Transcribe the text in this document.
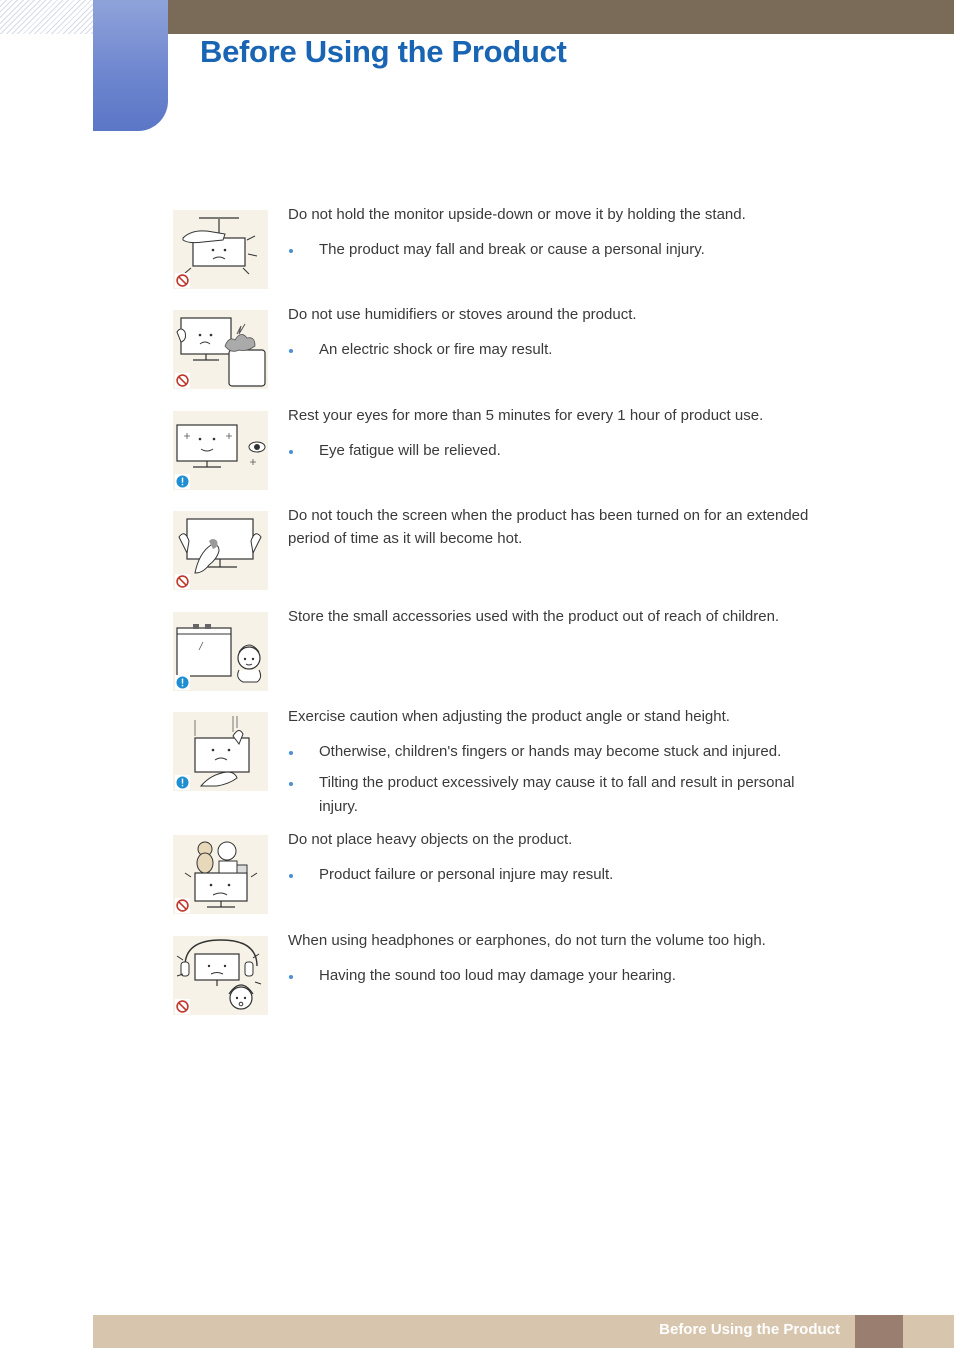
Before Using the Product

Do not hold the monitor upside-down or move it by holding the stand.

The product may fall and break or cause a personal injury.

Do not use humidifiers or stoves around the product.

An electric shock or fire may result.

Rest your eyes for more than 5 minutes for every 1 hour of product use.

Eye fatigue will be relieved.

Do not touch the screen when the product has been turned on for an extended period of time as it will become hot.

Store the small accessories used with the product out of reach of children.

Exercise caution when adjusting the product angle or stand height.

Otherwise, children's fingers or hands may become stuck and injured.
Tilting the product excessively may cause it to fall and result in personal injury.

Do not place heavy objects on the product.

Product failure or personal injure may result.

When using headphones or earphones, do not turn the volume too high.

Having the sound too loud may damage your hearing.
Before Using the Product
